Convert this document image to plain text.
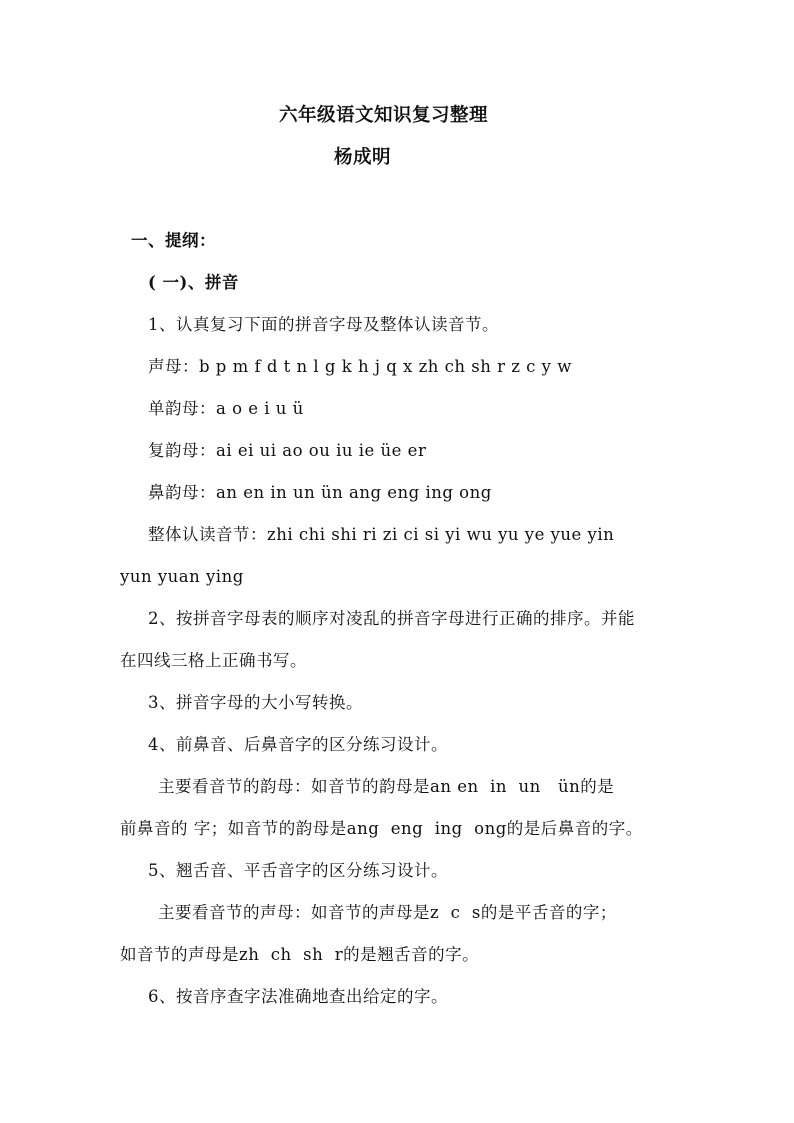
六年级语文知识复习整理
杨成明
一、提纲：
( 一)、拼音
1、认真复习下面的拼音字母及整体认读音节。
声母：b p m f d t n l g k h j q x zh ch sh r z c y w
单韵母：a o e i u ü
复韵母：ai ei ui ao ou iu ie üe er
鼻韵母：an en in un ün ang eng ing ong
整体认读音节：zhi chi shi ri zi ci si yi wu yu ye yue yin
yun yuan ying
2、按拼音字母表的顺序对凌乱的拼音字母进行正确的排序。并能
在四线三格上正确书写。
3、拼音字母的大小写转换。
4、前鼻音、后鼻音字的区分练习设计。
主要看音节的韵母：如音节的韵母是an en  in  un   ün的是
前鼻音的 字；如音节的韵母是ang  eng  ing  ong的是后鼻音的字。
5、翘舌音、平舌音字的区分练习设计。
主要看音节的声母：如音节的声母是z  c  s的是平舌音的字；
如音节的声母是zh  ch  sh  r的是翘舌音的字。
6、按音序查字法准确地查出给定的字。
